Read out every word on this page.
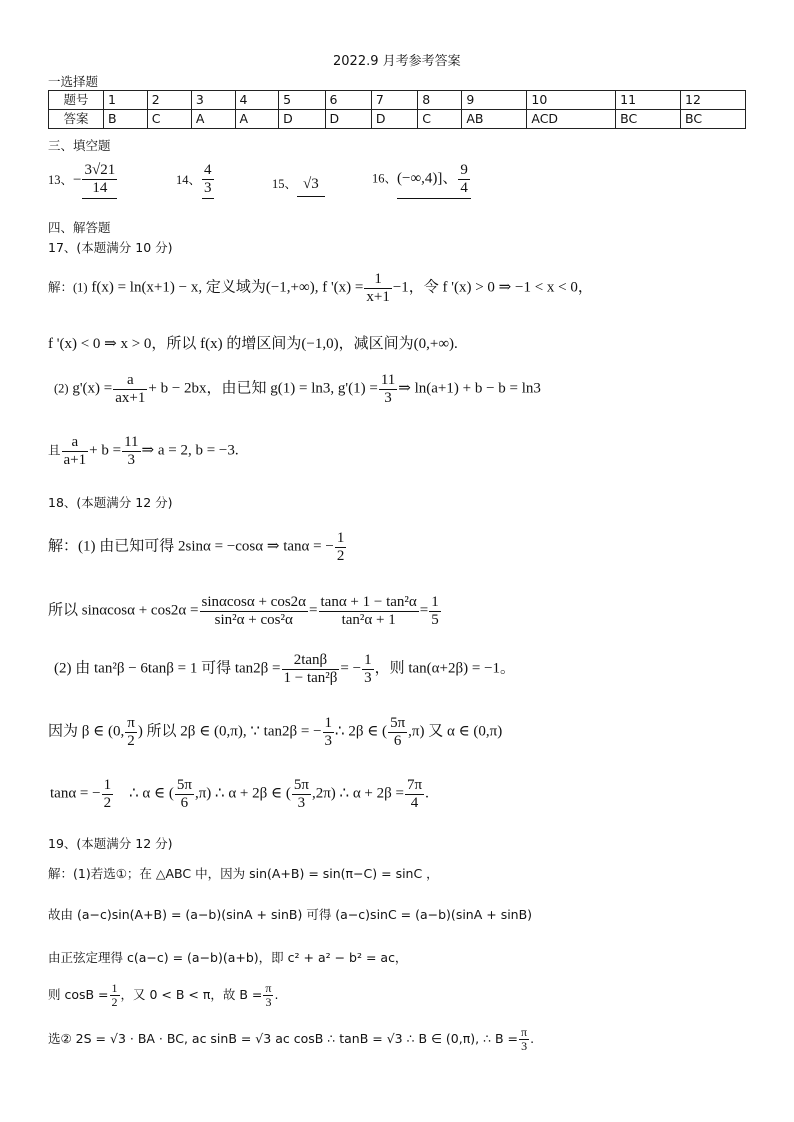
2022.9 月考参考答案
一选择题
题号	1	2	3	4	5	6	7	8	9	10	11	12
答案	B	C	A	A	D	D	D	C	AB	ACD	BC	BC
三、填空题
13、− $\frac{3√21}{14}$	14、 $\frac{4}{3}$	15、 √3	16、(−∞,4)]、 $\frac{9}{4}$
四、解答题
17、(本题满分 10 分)
解：(1) f(x) = ln(x+1) − x, 定义域为(−1,+∞), f '$(x) = \frac{1}{x+1} -1$，令 f '(x) > 0 ⇒ −1 < x < 0，
f '(x) < 0 ⇒ x > 0，所以 f(x) 的增区间为(−1,0)，减区间为(0,+∞).
(2) $g'(x) = \frac{a}{ax+1} + b - 2bx$，由已知 g(1) = ln3, $g'(1) = \frac{11}{3}$ ⇒ ln(a+1) + b − b = ln3
且 $\frac{a}{a+1} + b = \frac{11}{3}$ ⇒ a = 2, b = −3.
18、(本题满分 12 分)
解：(1) 由已知可得 2sinα = −cosα ⇒ tanα = − $\frac{1}{2}$
所以 $\sin\alpha\cos\alpha + \cos 2\alpha = \frac{\sin\alpha\cos\alpha + \cos 2\alpha}{\text{sin²α + cos²α}} = \frac{\text{tanα + 1 − tan²α}}{\text{tan²α + 1}} = \frac{1}{5}$
(2) 由 tan²β − 6tanβ = 1 可得 $\tan 2\beta = \frac{2\tan\beta}{\text{1 − tan²β}}$ = − $\frac{1}{3}$ ，则 tan(α+2β) = −1。
因为 β ∈ (0, $\frac{\pi}{2}$ ) 所以 2β ∈ (0,π), ∵ tan2β = − $\frac{1}{3}$ ∴ 2β ∈ ( $\frac{5\pi}{6} ,\pi$) 又 α ∈ (0,π)
tanα = − $\frac{1}{2}$ ∴ α ∈ ( $\frac{5\pi}{6} ,\pi$) ∴ α + 2β ∈ ( $\frac{5\pi}{3} ,2\pi$) ∴ $\alpha + 2\beta = \frac{7\pi}{4}$ .
19、(本题满分 12 分)
解：(1)若选①；在 △ABC 中，因为 sin(A+B) = sin(π−C) = sinC ，
故由 (a−c)sin(A+B) = (a−b)(sinA + sinB) 可得 (a−c)sinC = (a−b)(sinA + sinB)
由正弦定理得 c(a−c) = (a−b)(a+b)，即 c² + a² − b² = ac，
则 $\cos B = \frac{1}{2}$ ，又 0 < B < π，故 $B = \frac{\pi}{3}$ .
选② 2S = √3 · BA · BC, ac sinB = √3 ac cosB ∴ tanB = √3 ∴ B ∈ (0,π), ∴ $B = \frac{\pi}{3}$ .
